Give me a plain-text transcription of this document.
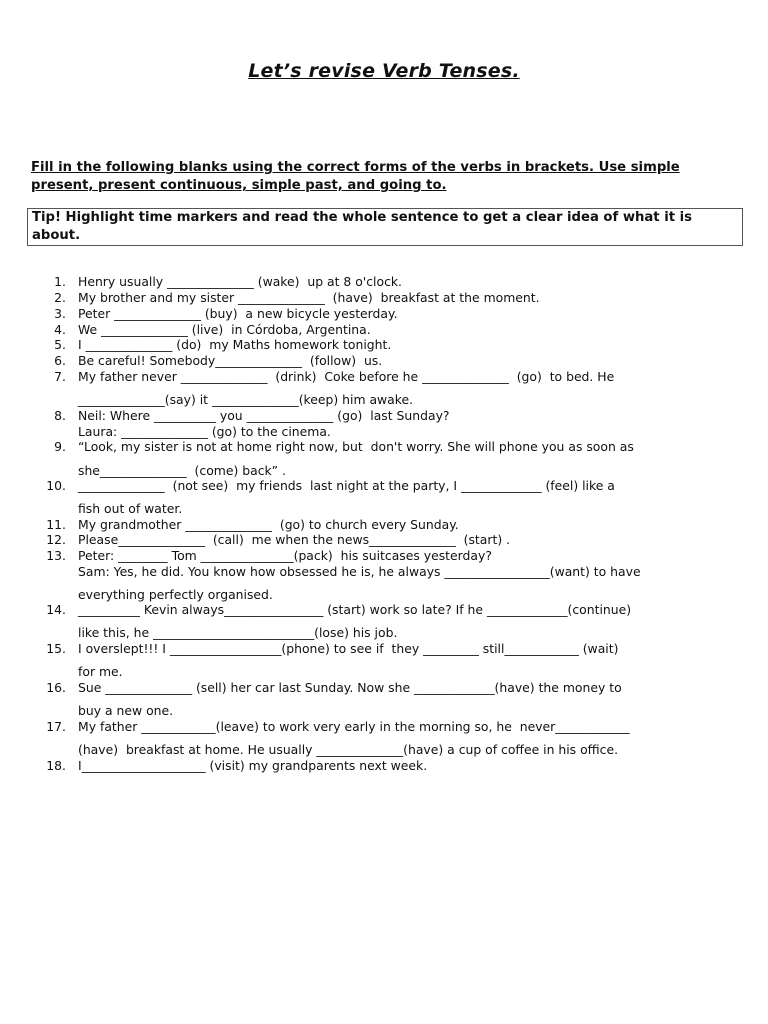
Let’s revise Verb Tenses.
Fill in the following blanks using the correct forms of the verbs in brackets. Use simple present, present continuous, simple past, and going to.
Tip! Highlight time markers and read the whole sentence to get a clear idea of what it is about.
1. Henry usually ______________ (wake)  up at 8 o'clock.
2. My brother and my sister ______________  (have)  breakfast at the moment.
3. Peter ______________ (buy)  a new bicycle yesterday.
4. We ______________ (live)  in Córdoba, Argentina.
5. I ______________ (do)  my Maths homework tonight.
6. Be careful! Somebody______________  (follow)  us.
7. My father never ______________  (drink)  Coke before he ______________  (go)  to bed. He
______________(say) it ______________(keep) him awake.
8. Neil: Where __________ you ______________ (go)  last Sunday?
Laura: ______________ (go) to the cinema.
9. “Look, my sister is not at home right now, but  don't worry. She will phone you as soon as
she______________  (come) back” .
10. ______________  (not see)  my friends  last night at the party, I _____________ (feel) like a
fish out of water.
11. My grandmother ______________  (go) to church every Sunday.
12. Please______________  (call)  me when the news______________  (start) .
13. Peter: ________ Tom _______________(pack)  his suitcases yesterday?
Sam: Yes, he did. You know how obsessed he is, he always _________________(want) to have
everything perfectly organised.
14. __________ Kevin always________________ (start) work so late? If he _____________(continue)
like this, he __________________________(lose) his job.
15. I overslept!!! I __________________(phone) to see if  they _________ still____________ (wait)
for me.
16. Sue ______________ (sell) her car last Sunday. Now she _____________(have) the money to
buy a new one.
17. My father ____________(leave) to work very early in the morning so, he  never____________
(have)  breakfast at home. He usually ______________(have) a cup of coffee in his office.
18. I____________________ (visit) my grandparents next week.
